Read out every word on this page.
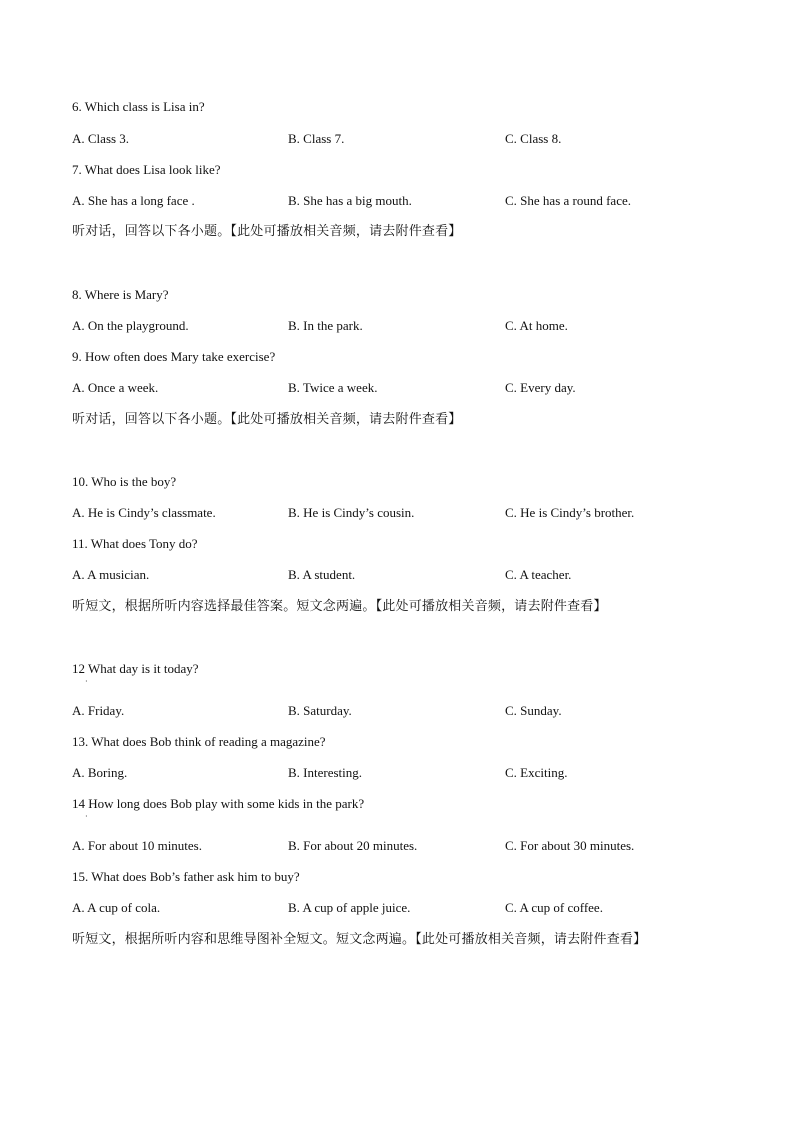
6. Which class is Lisa in?
A. Class 3.	B. Class 7.	C. Class 8.
7. What does Lisa look like?
A. She has a long face .	B. She has a big mouth.	C. She has a round face.
听对话，回答以下各小题。【此处可播放相关音频，请去附件查看】
8. Where is Mary?
A. On the playground.	B. In the park.	C. At home.
9. How often does Mary take exercise?
A. Once a week.	B. Twice a week.	C. Every day.
听对话，回答以下各小题。【此处可播放相关音频，请去附件查看】
10. Who is the boy?
A. He is Cindy’s classmate.	B. He is Cindy’s cousin.	C. He is Cindy’s brother.
11. What does Tony do?
A. A musician.	B. A student.	C. A teacher.
听短文，根据所听内容选择最佳答案。短文念两遍。【此处可播放相关音频，请去附件查看】
12 What day is it today?
·
A. Friday.	B. Saturday.	C. Sunday.
13. What does Bob think of reading a magazine?
A. Boring.	B. Interesting.	C. Exciting.
14 How long does Bob play with some kids in the park?
·
A. For about 10 minutes.	B. For about 20 minutes.	C. For about 30 minutes.
15. What does Bob’s father ask him to buy?
A. A cup of cola.	B. A cup of apple juice.	C. A cup of coffee.
听短文，根据所听内容和思维导图补全短文。短文念两遍。【此处可播放相关音频，请去附件查看】
